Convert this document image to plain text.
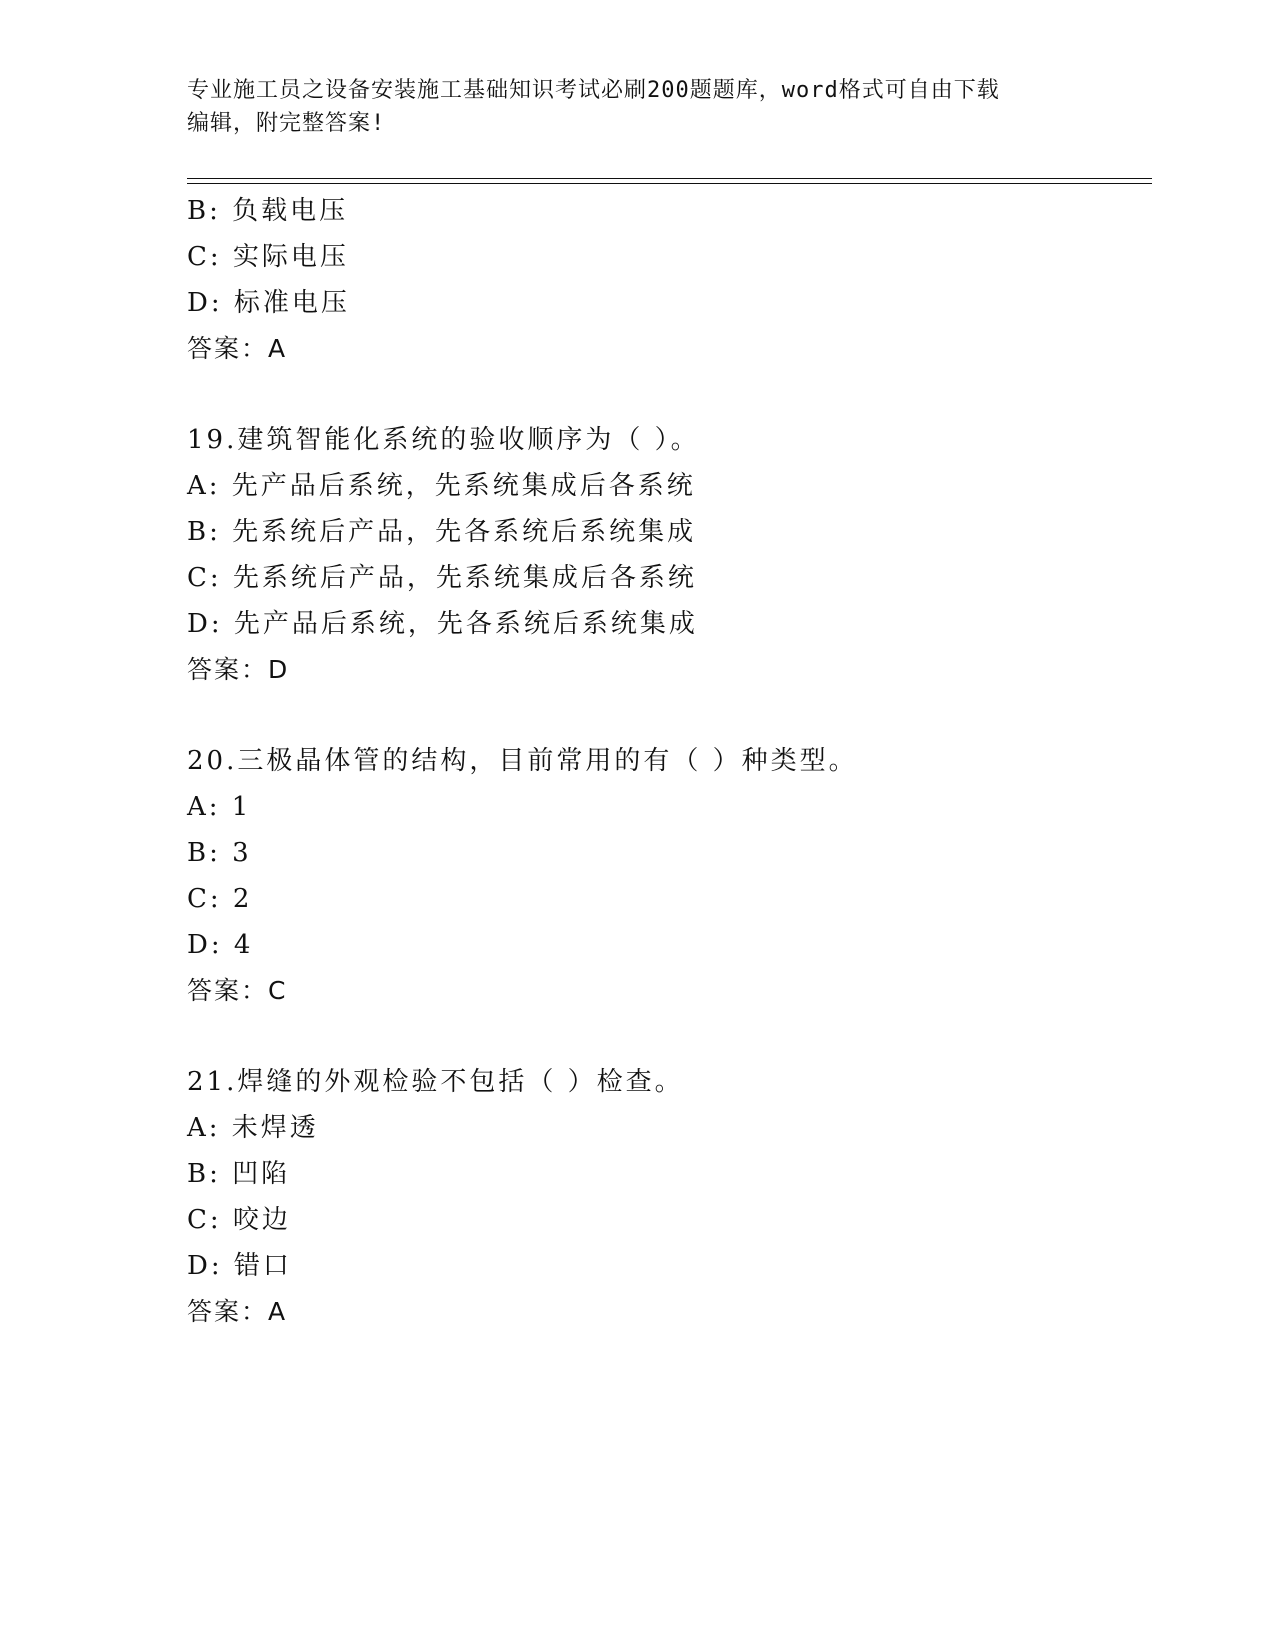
专业施工员之设备安装施工基础知识考试必刷200题题库，word格式可自由下载
编辑，附完整答案!
B: 负载电压
C: 实际电压
D: 标准电压
答案：A
19.建筑智能化系统的验收顺序为（ ）。
A: 先产品后系统，先系统集成后各系统
B: 先系统后产品，先各系统后系统集成
C: 先系统后产品，先系统集成后各系统
D: 先产品后系统，先各系统后系统集成
答案：D
20.三极晶体管的结构，目前常用的有（ ）种类型。
A: 1
B: 3
C: 2
D: 4
答案：C
21.焊缝的外观检验不包括（ ）检查。
A: 未焊透
B: 凹陷
C: 咬边
D: 错口
答案：A
